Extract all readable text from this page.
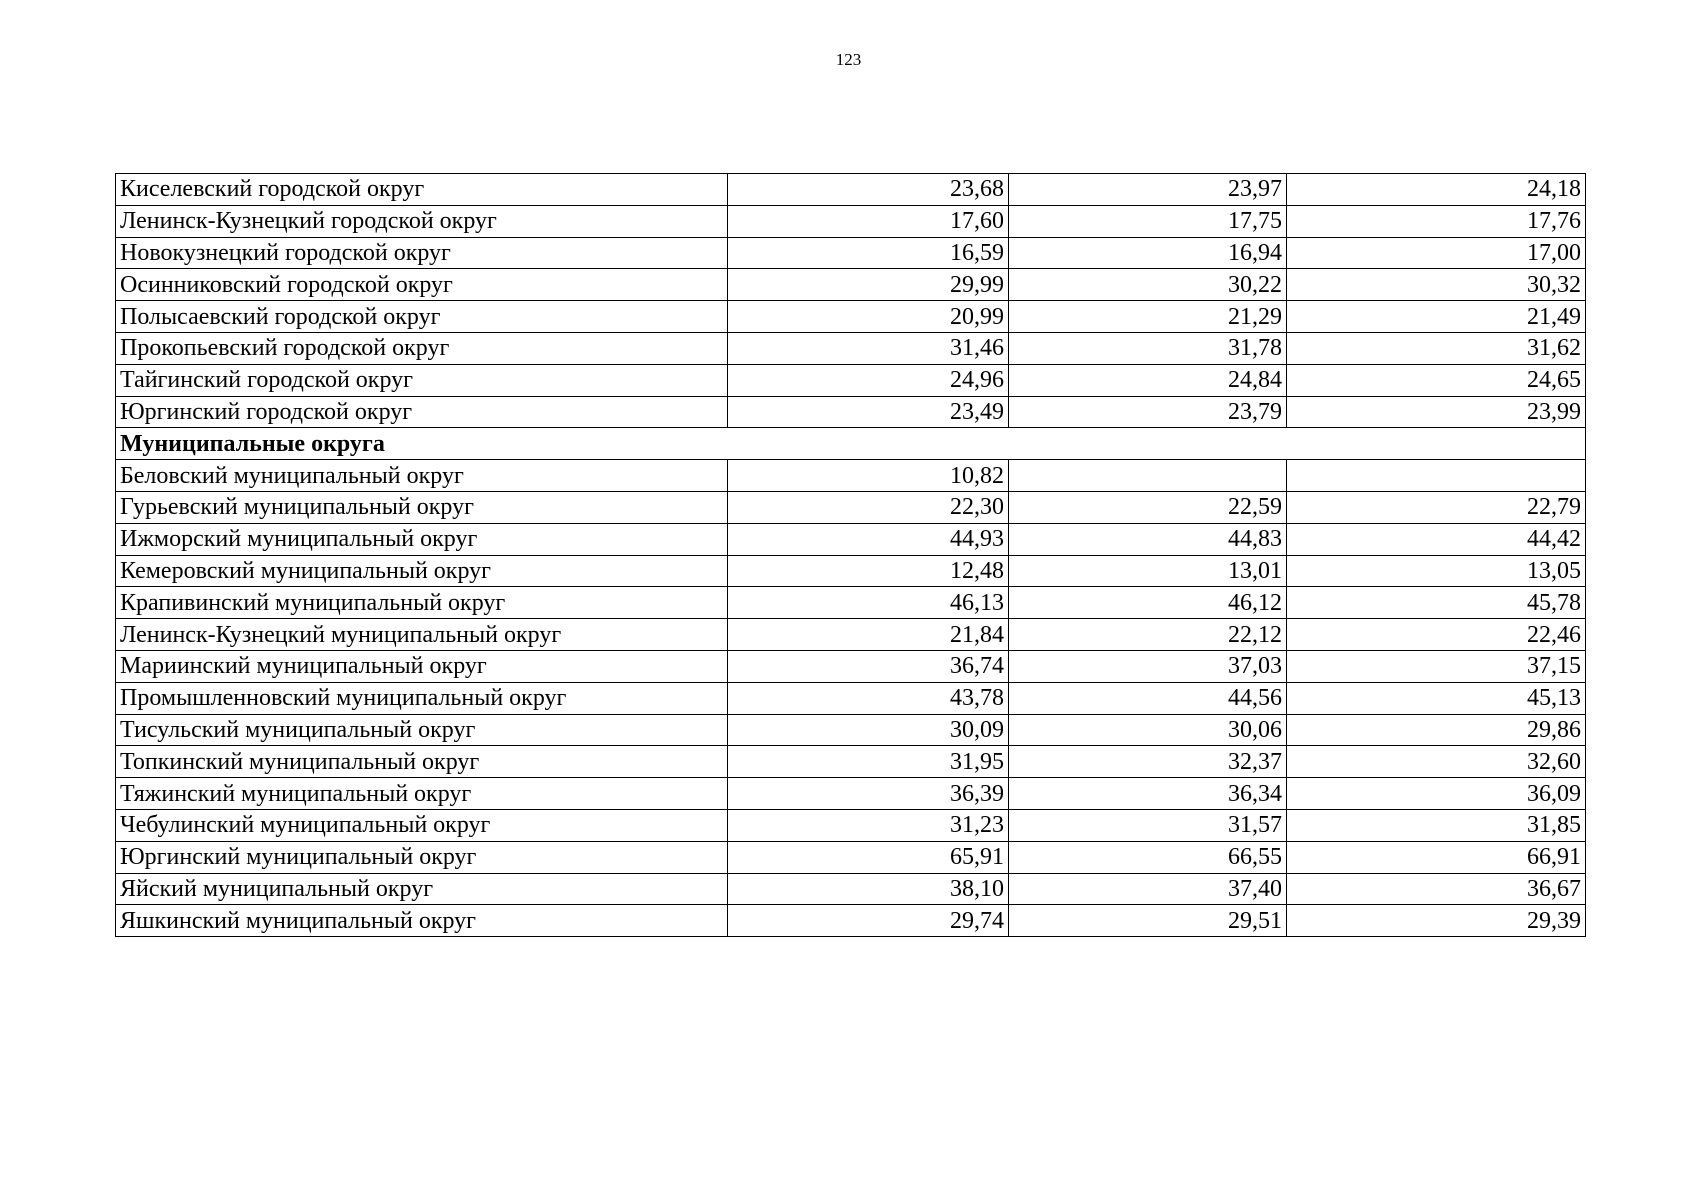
123
Киселевский городской округ	23,68	23,97	24,18
Ленинск-Кузнецкий городской округ	17,60	17,75	17,76
Новокузнецкий городской округ	16,59	16,94	17,00
Осинниковский городской округ	29,99	30,22	30,32
Полысаевский городской округ	20,99	21,29	21,49
Прокопьевский городской округ	31,46	31,78	31,62
Тайгинский городской округ	24,96	24,84	24,65
Юргинский городской округ	23,49	23,79	23,99
Муниципальные округа			
Беловский муниципальный округ	10,82		
Гурьевский муниципальный округ	22,30	22,59	22,79
Ижморский муниципальный округ	44,93	44,83	44,42
Кемеровский муниципальный округ	12,48	13,01	13,05
Крапивинский муниципальный округ	46,13	46,12	45,78
Ленинск-Кузнецкий муниципальный округ	21,84	22,12	22,46
Мариинский муниципальный округ	36,74	37,03	37,15
Промышленновский муниципальный округ	43,78	44,56	45,13
Тисульский муниципальный округ	30,09	30,06	29,86
Топкинский муниципальный округ	31,95	32,37	32,60
Тяжинский муниципальный округ	36,39	36,34	36,09
Чебулинский муниципальный округ	31,23	31,57	31,85
Юргинский муниципальный округ	65,91	66,55	66,91
Яйский муниципальный округ	38,10	37,40	36,67
Яшкинский муниципальный округ	29,74	29,51	29,39
